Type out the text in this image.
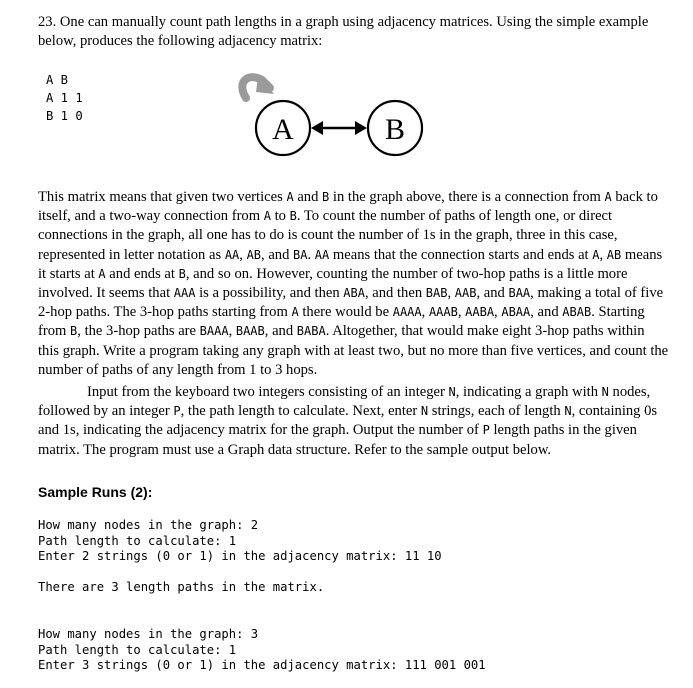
23. One can manually count path lengths in a graph using adjacency matrices. Using the simple example
below, produces the following adjacency matrix:
A B
A 1 1
B 1 0	A	B
This matrix means that given two vertices A and B in the graph above, there is a connection from A back to
itself, and a two-way connection from A to B. To count the number of paths of length one, or direct
connections in the graph, all one has to do is count the number of 1s in the graph, three in this case,
represented in letter notation as AA, AB, and BA. AA means that the connection starts and ends at A, AB means
it starts at A and ends at B, and so on. However, counting the number of two-hop paths is a little more
involved. It seems that AAA is a possibility, and then ABA, and then BAB, AAB, and BAA, making a total of five
2-hop paths. The 3-hop paths starting from A there would be AAAA, AAAB, AABA, ABAA, and ABAB. Starting
from B, the 3-hop paths are BAAA, BAAB, and BABA. Altogether, that would make eight 3-hop paths within
this graph. Write a program taking any graph with at least two, but no more than five vertices, and count the
number of paths of any length from 1 to 3 hops.
Input from the keyboard two integers consisting of an integer N, indicating a graph with N nodes,
followed by an integer P, the path length to calculate. Next, enter N strings, each of length N, containing 0s
and 1s, indicating the adjacency matrix for the graph. Output the number of P length paths in the given
matrix. The program must use a Graph data structure. Refer to the sample output below.
Sample Runs (2):
How many nodes in the graph: 2
Path length to calculate: 1
Enter 2 strings (0 or 1) in the adjacency matrix: 11 10
There are 3 length paths in the matrix.
How many nodes in the graph: 3
Path length to calculate: 1
Enter 3 strings (0 or 1) in the adjacency matrix: 111 001 001
